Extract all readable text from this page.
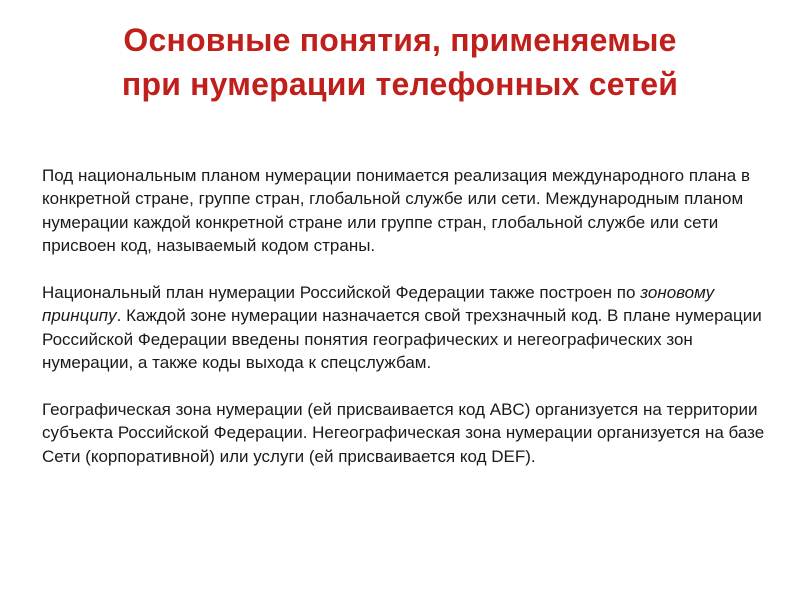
Основные понятия, применяемые
при нумерации телефонных сетей

Под национальным планом нумерации понимается реализация международного плана в конкретной стране, группе стран, глобальной службе или сети. Международным планом нумерации каждой конкретной стране или группе стран, глобальной службе или сети присвоен код, называемый кодом страны.

Национальный план нумерации Российской Федерации также построен по зоновому принципу. Каждой зоне нумерации назначается свой трехзначный код. В плане нумерации Российской Федерации введены понятия географических и негеографических зон нумерации, а также коды выхода к спецслужбам.

Географическая зона нумерации (ей присваивается код ABC) организуется на территории субъекта Российской Федерации. Негеографическая зона нумерации организуется на базе Сети (корпоративной) или услуги (ей присваивается код DEF).
